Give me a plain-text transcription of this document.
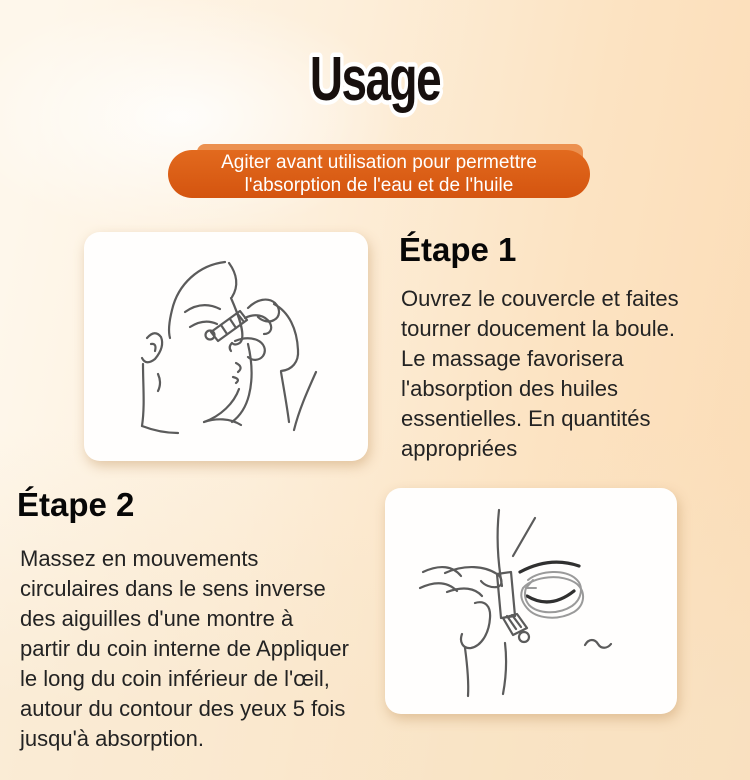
Usage
Agiter avant utilisation pour permettre
l'absorption de l'eau et de l'huile
Étape 1
Ouvrez le couvercle et faites
tourner doucement la boule.
Le massage favorisera
l'absorption des huiles
essentielles. En quantités
appropriées
Étape 2
Massez en mouvements
circulaires dans le sens inverse
des aiguilles d'une montre à
partir du coin interne de Appliquer
le long du coin inférieur de l'œil,
autour du contour des yeux 5 fois
jusqu'à absorption.
